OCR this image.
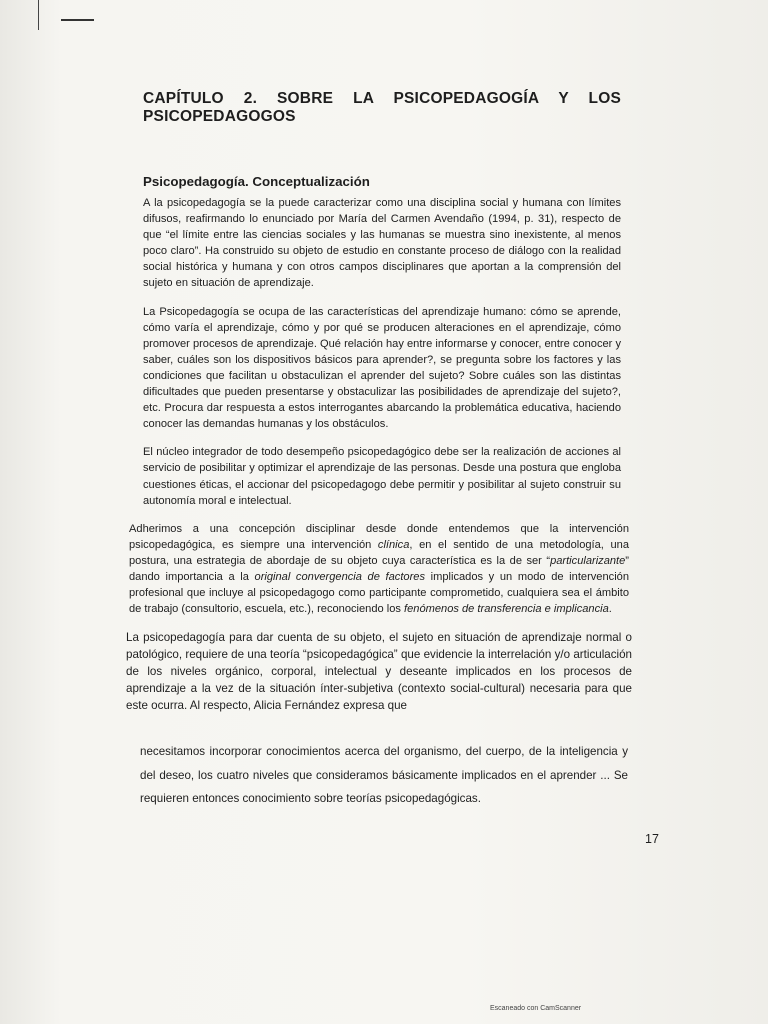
CAPÍTULO 2. SOBRE LA PSICOPEDAGOGÍA Y LOS PSICOPEDAGOGOS
Psicopedagogía. Conceptualización

A la psicopedagogía se la puede caracterizar como una disciplina social y humana con límites difusos, reafirmando lo enunciado por María del Carmen Avendaño (1994, p. 31), respecto de que “el límite entre las ciencias sociales y las humanas se muestra sino inexistente, al menos poco claro”. Ha construido su objeto de estudio en constante proceso de diálogo con la realidad social histórica y humana y con otros campos disciplinares que aportan a la comprensión del sujeto en situación de aprendizaje.

La Psicopedagogía se ocupa de las características del aprendizaje humano: cómo se aprende, cómo varía el aprendizaje, cómo y por qué se producen alteraciones en el aprendizaje, cómo promover procesos de aprendizaje. Qué relación hay entre informarse y conocer, entre conocer y saber, cuáles son los dispositivos básicos para aprender?, se pregunta sobre los factores y las condiciones que facilitan u obstaculizan el aprender del sujeto? Sobre cuáles son las distintas dificultades que pueden presentarse y obstaculizar las posibilidades de aprendizaje del sujeto?, etc. Procura dar respuesta a estos interrogantes abarcando la problemática educativa, haciendo conocer las demandas humanas y los obstáculos.

El núcleo integrador de todo desempeño psicopedagógico debe ser la realización de acciones al servicio de posibilitar y optimizar el aprendizaje de las personas. Desde una postura que engloba cuestiones éticas, el accionar del psicopedagogo debe permitir y posibilitar al sujeto construir su autonomía moral e intelectual.

Adherimos a una concepción disciplinar desde donde entendemos que la intervención psicopedagógica, es siempre una intervención clínica, en el sentido de una metodología, una postura, una estrategia de abordaje de su objeto cuya característica es la de ser “particularizante” dando importancia a la original convergencia de factores implicados y un modo de intervención profesional que incluye al psicopedagogo como participante comprometido, cualquiera sea el ámbito de trabajo (consultorio, escuela, etc.), reconociendo los fenómenos de transferencia e implicancia.

La psicopedagogía para dar cuenta de su objeto, el sujeto en situación de aprendizaje normal o patológico, requiere de una teoría “psicopedagógica” que evidencie la interrelación y/o articulación de los niveles orgánico, corporal, intelectual y deseante implicados en los procesos de aprendizaje a la vez de la situación ínter-subjetiva (contexto social-cultural) necesaria para que este ocurra. Al respecto, Alicia Fernández expresa que

necesitamos incorporar conocimientos acerca del organismo, del cuerpo, de la inteligencia y del deseo, los cuatro niveles que consideramos básicamente implicados en el aprender ... Se requieren entonces conocimiento sobre teorías psicopedagógicas.

17
Escaneado con CamScanner
